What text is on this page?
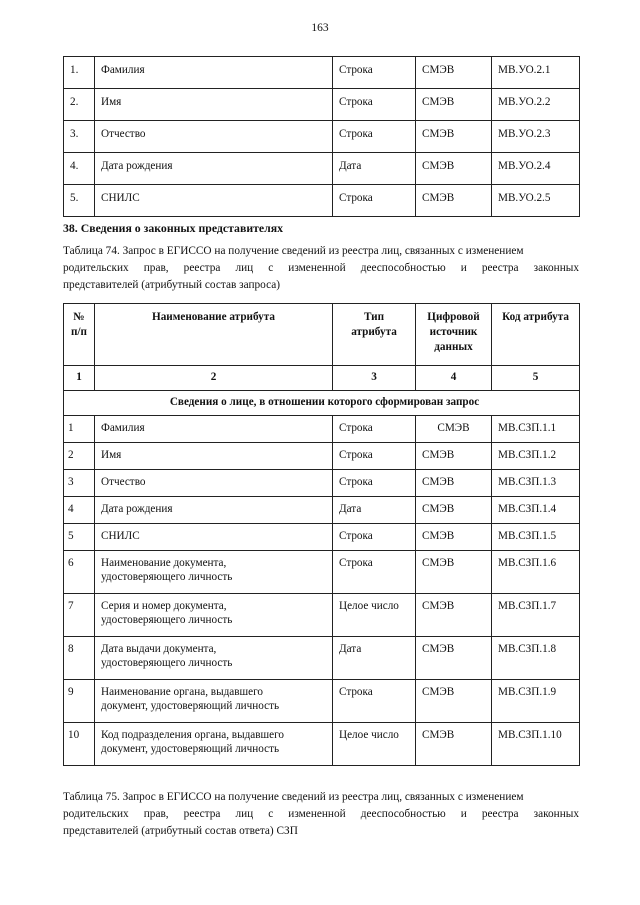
163
1.	Фамилия	Строка	СМЭВ	МВ.УО.2.1
2.	Имя	Строка	СМЭВ	МВ.УО.2.2
3.	Отчество	Строка	СМЭВ	МВ.УО.2.3
4.	Дата рождения	Дата	СМЭВ	МВ.УО.2.4
5.	СНИЛС	Строка	СМЭВ	МВ.УО.2.5
38. Сведения о законных представителях
Таблица 74. Запрос в ЕГИССО на получение сведений из реестра лиц, связанных с изменением
родительских прав, реестра лиц с измененной дееспособностью и реестра законных
представителей (атрибутный состав запроса)
№
п/п	Наименование атрибута	Тип
атрибута	Цифровой
источник
данных	Код атрибута
1	2	3	4	5
Сведения о лице, в отношении которого сформирован запрос				
1	Фамилия	Строка	СМЭВ	МВ.СЗП.1.1
2	Имя	Строка	СМЭВ	МВ.СЗП.1.2
3	Отчество	Строка	СМЭВ	МВ.СЗП.1.3
4	Дата рождения	Дата	СМЭВ	МВ.СЗП.1.4
5	СНИЛС	Строка	СМЭВ	МВ.СЗП.1.5
6	Наименование документа,
удостоверяющего личность	Строка	СМЭВ	МВ.СЗП.1.6
7	Серия и номер документа,
удостоверяющего личность	Целое число	СМЭВ	МВ.СЗП.1.7
8	Дата выдачи документа,
удостоверяющего личность	Дата	СМЭВ	МВ.СЗП.1.8
9	Наименование органа, выдавшего
документ, удостоверяющий личность	Строка	СМЭВ	МВ.СЗП.1.9
10	Код подразделения органа, выдавшего
документ, удостоверяющий личность	Целое число	СМЭВ	МВ.СЗП.1.10
Таблица 75. Запрос в ЕГИССО на получение сведений из реестра лиц, связанных с изменением
родительских прав, реестра лиц с измененной дееспособностью и реестра законных
представителей (атрибутный состав ответа) СЗП
